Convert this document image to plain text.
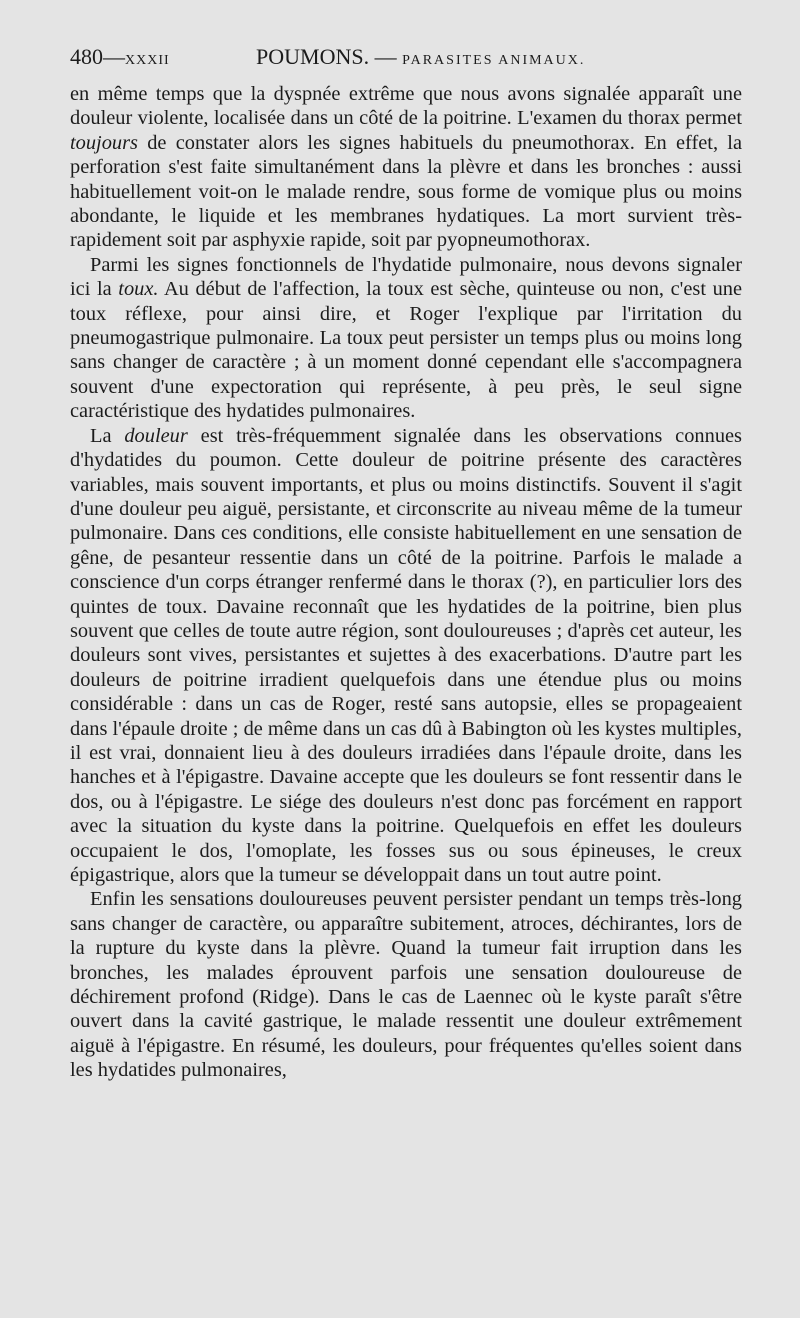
480—XXXII	POUMONS. — PARASITES ANIMAUX.

en même temps que la dyspnée extrême que nous avons signalée apparaît une douleur violente, localisée dans un côté de la poitrine. L'examen du thorax permet toujours de constater alors les signes habituels du pneumothorax. En effet, la perforation s'est faite simultanément dans la plèvre et dans les bronches : aussi habituellement voit-on le malade rendre, sous forme de vomique plus ou moins abondante, le liquide et les membranes hydatiques. La mort survient très-rapidement soit par asphyxie rapide, soit par pyopneumothorax.

Parmi les signes fonctionnels de l'hydatide pulmonaire, nous devons signaler ici la toux. Au début de l'affection, la toux est sèche, quinteuse ou non, c'est une toux réflexe, pour ainsi dire, et Roger l'explique par l'irritation du pneumogastrique pulmonaire. La toux peut persister un temps plus ou moins long sans changer de caractère ; à un moment donné cependant elle s'accompagnera souvent d'une expectoration qui représente, à peu près, le seul signe caractéristique des hydatides pulmonaires.

La douleur est très-fréquemment signalée dans les observations connues d'hydatides du poumon. Cette douleur de poitrine présente des caractères variables, mais souvent importants, et plus ou moins distinctifs. Souvent il s'agit d'une douleur peu aiguë, persistante, et circonscrite au niveau même de la tumeur pulmonaire. Dans ces conditions, elle consiste habituellement en une sensation de gêne, de pesanteur ressentie dans un côté de la poitrine. Parfois le malade a conscience d'un corps étranger renfermé dans le thorax (?), en particulier lors des quintes de toux. Davaine reconnaît que les hydatides de la poitrine, bien plus souvent que celles de toute autre région, sont douloureuses ; d'après cet auteur, les douleurs sont vives, persistantes et sujettes à des exacerbations. D'autre part les douleurs de poitrine irradient quelquefois dans une étendue plus ou moins considérable : dans un cas de Roger, resté sans autopsie, elles se propageaient dans l'épaule droite ; de même dans un cas dû à Babington où les kystes multiples, il est vrai, donnaient lieu à des douleurs irradiées dans l'épaule droite, dans les hanches et à l'épigastre. Davaine accepte que les douleurs se font ressentir dans le dos, ou à l'épigastre. Le siége des douleurs n'est donc pas forcément en rapport avec la situation du kyste dans la poitrine. Quelquefois en effet les douleurs occupaient le dos, l'omoplate, les fosses sus ou sous épineuses, le creux épigastrique, alors que la tumeur se développait dans un tout autre point.

Enfin les sensations douloureuses peuvent persister pendant un temps très-long sans changer de caractère, ou apparaître subitement, atroces, déchirantes, lors de la rupture du kyste dans la plèvre. Quand la tumeur fait irruption dans les bronches, les malades éprouvent parfois une sensation douloureuse de déchirement profond (Ridge). Dans le cas de Laennec où le kyste paraît s'être ouvert dans la cavité gastrique, le malade ressentit une douleur extrêmement aiguë à l'épigastre. En résumé, les douleurs, pour fréquentes qu'elles soient dans les hydatides pulmonaires,
